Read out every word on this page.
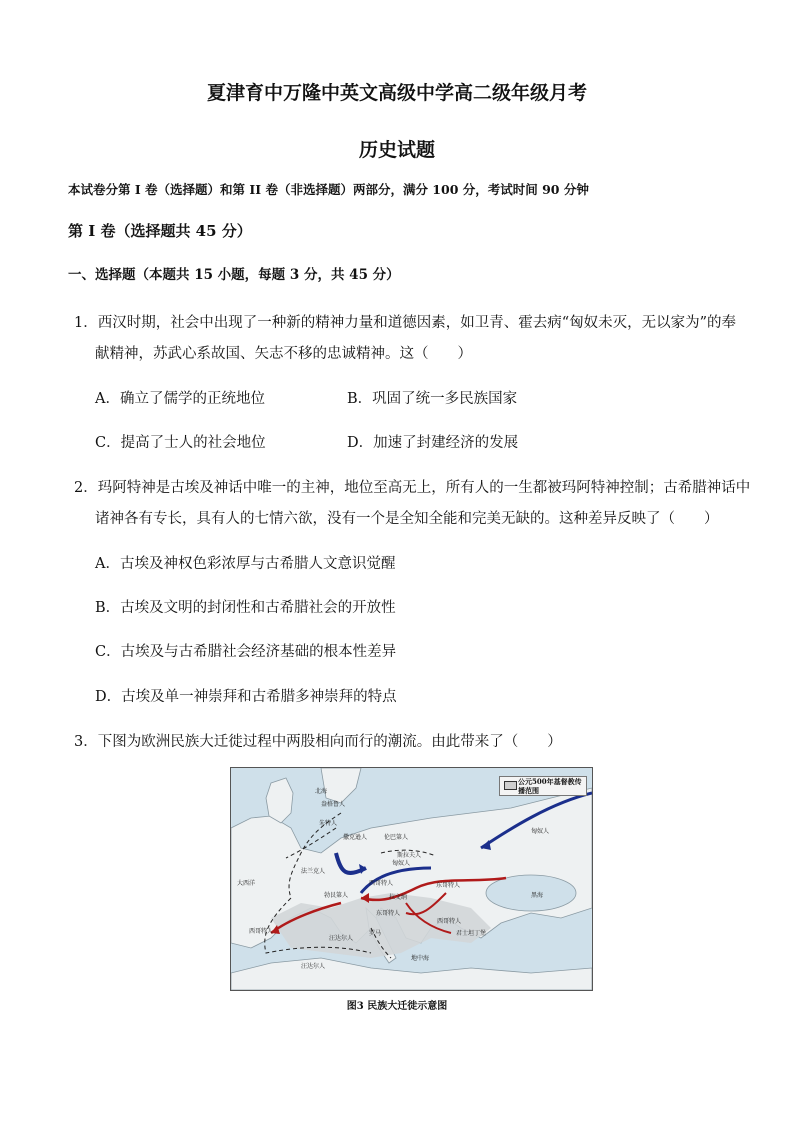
夏津育中万隆中英文高级中学高二级年级月考
历史试题
本试卷分第 I 卷（选择题）和第 II 卷（非选择题）两部分，满分 100 分，考试时间 90 分钟
第 I 卷（选择题共 45 分）
一、选择题（本题共 15 小题，每题 3 分，共 45 分）
1．西汉时期，社会中出现了一种新的精神力量和道德因素，如卫青、霍去病“匈奴未灭，无以家为”的奉
献精神，苏武心系故国、矢志不移的忠诚精神。这（　　）
A．确立了儒学的正统地位	B．巩固了统一多民族国家
C．提高了士人的社会地位	D．加速了封建经济的发展
2．玛阿特神是古埃及神话中唯一的主神，地位至高无上，所有人的一生都被玛阿特神控制；古希腊神话中
诸神各有专长，具有人的七情六欲，没有一个是全知全能和完美无缺的。这种差异反映了（　　）
A．古埃及神权色彩浓厚与古希腊人文意识觉醒
B．古埃及文明的封闭性和古希腊社会的开放性
C．古埃及与古希腊社会经济基础的根本性差异
D．古埃及单一神崇拜和古希腊多神崇拜的特点
3．下图为欧洲民族大迁徙过程中两股相向而行的潮流。由此带来了（　　）
公元500年基督教传播范围
北海
盎格鲁人
朱特人
撒克逊人	伦巴第人
斯拉夫人
法兰克人
大西洋
勃艮第人
匈奴人
西哥特人
西哥特人
东哥特人
东哥特人
西哥特人
汪达尔人
汪达尔人
罗马
拉文纳
君士坦丁堡
黑海
地中海
匈奴人
图3 民族大迁徙示意图
